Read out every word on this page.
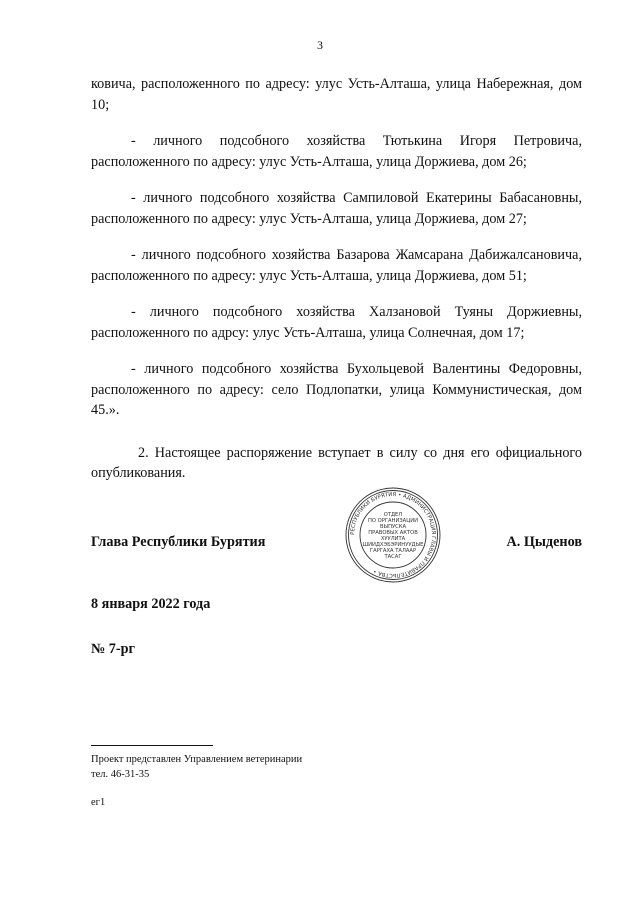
3

ковича, расположенного по адресу: улус Усть-Алташа, улица Набережная, дом 10;

- личного подсобного хозяйства Тютькина Игоря Петровича, расположенного по адресу: улус Усть-Алташа, улица Доржиева, дом 26;

- личного подсобного хозяйства Сампиловой Екатерины Бабасановны, расположенного по адресу: улус Усть-Алташа, улица Доржиева, дом 27;

- личного подсобного хозяйства Базарова Жамсарана Дабижалсановича, расположенного по адресу: улус Усть-Алташа, улица Доржиева, дом 51;

- личного подсобного хозяйства Халзановой Туяны Доржиевны, расположенного по адрсу: улус Усть-Алташа, улица Солнечная, дом 17;

- личного подсобного хозяйства Бухольцевой Валентины Федоровны, расположенного по адресу: село Подлопатки, улица Коммунистическая, дом 45.».

2. Настоящее распоряжение вступает в силу со дня его официального опубликования.

Глава Республики Бурятия	А. Цыденов
РЕСПУБЛИКИ БУРЯТИЯ • АДМИНИСТРАЦИЯ ГЛАВЫ И ПРАВИТЕЛЬСТВА •
ОТДЕЛ
ПО ОРГАНИЗАЦИИ
ВЫПУСКА
ПРАВОВЫХ АКТОВ
ХУУЛИТА
ШИИДХЭБЭРИНУУДЫЕ
ГАРГАХА ТАЛААР
ТАСАГ
8 января 2022 года
№ 7-рг
Проект представлен Управлением ветеринарии
тел. 46-31-35
ег1
